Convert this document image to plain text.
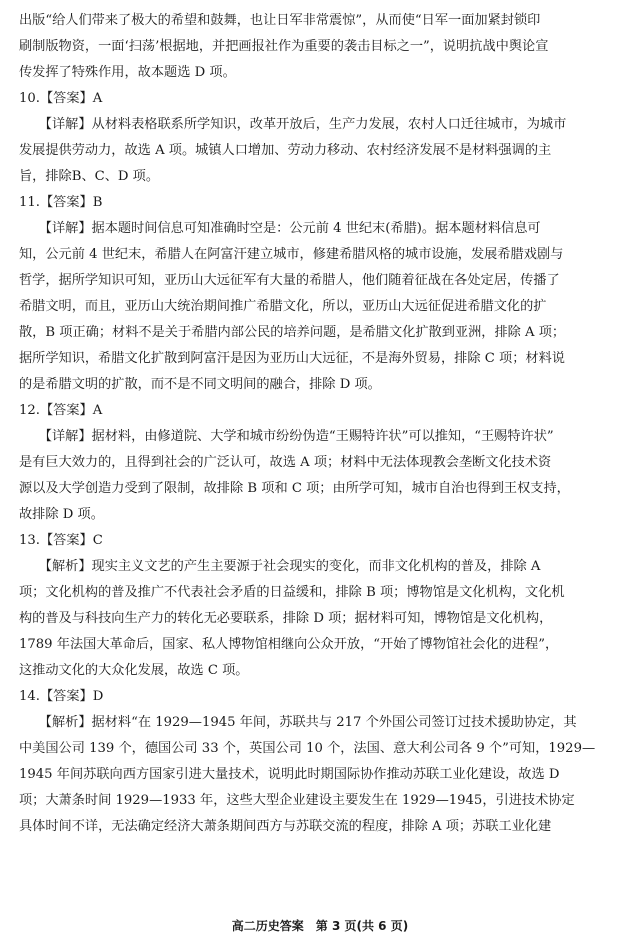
出版“给人们带来了极大的希望和鼓舞，也让日军非常震惊”，从而使“日军一面加紧封锁印
刷制版物资，一面‘扫荡’根据地，并把画报社作为重要的袭击目标之一”，说明抗战中舆论宣
传发挥了特殊作用，故本题选 D 项。
10.【答案】A
　　【详解】从材料表格联系所学知识，改革开放后，生产力发展，农村人口迁往城市，为城市
发展提供劳动力，故选 A 项。城镇人口增加、劳动力移动、农村经济发展不是材料强调的主
旨，排除B、C、D 项。
11.【答案】B
　　【详解】据本题时间信息可知准确时空是：公元前 4 世纪末(希腊)。据本题材料信息可
知，公元前 4 世纪末，希腊人在阿富汗建立城市，修建希腊风格的城市设施，发展希腊戏剧与
哲学，据所学知识可知，亚历山大远征军有大量的希腊人，他们随着征战在各处定居，传播了
希腊文明，而且，亚历山大统治期间推广希腊文化，所以，亚历山大远征促进希腊文化的扩
散，B 项正确；材料不是关于希腊内部公民的培养问题，是希腊文化扩散到亚洲，排除 A 项；
据所学知识，希腊文化扩散到阿富汗是因为亚历山大远征，不是海外贸易，排除 C 项；材料说
的是希腊文明的扩散，而不是不同文明间的融合，排除 D 项。
12.【答案】A
　　【详解】据材料，由修道院、大学和城市纷纷伪造“王赐特许状”可以推知，“王赐特许状”
是有巨大效力的，且得到社会的广泛认可，故选 A 项；材料中无法体现教会垄断文化技术资
源以及大学创造力受到了限制，故排除 B 项和 C 项；由所学可知，城市自治也得到王权支持，
故排除 D 项。
13.【答案】C
　　【解析】现实主义文艺的产生主要源于社会现实的变化，而非文化机构的普及，排除 A
项；文化机构的普及推广不代表社会矛盾的日益缓和，排除 B 项；博物馆是文化机构，文化机
构的普及与科技向生产力的转化无必要联系，排除 D 项；据材料可知，博物馆是文化机构，
1789 年法国大革命后，国家、私人博物馆相继向公众开放，“开始了博物馆社会化的进程”，
这推动文化的大众化发展，故选 C 项。
14.【答案】D
　　【解析】据材料“在 1929—1945 年间，苏联共与 217 个外国公司签订过技术援助协定，其
中美国公司 139 个，德国公司 33 个，英国公司 10 个，法国、意大利公司各 9 个”可知，1929—
1945 年间苏联向西方国家引进大量技术，说明此时期国际协作推动苏联工业化建设，故选 D
项；大萧条时间 1929—1933 年，这些大型企业建设主要发生在 1929—1945，引进技术协定
具体时间不详，无法确定经济大萧条期间西方与苏联交流的程度，排除 A 项；苏联工业化建
高二历史答案　第 3 页(共 6 页)
